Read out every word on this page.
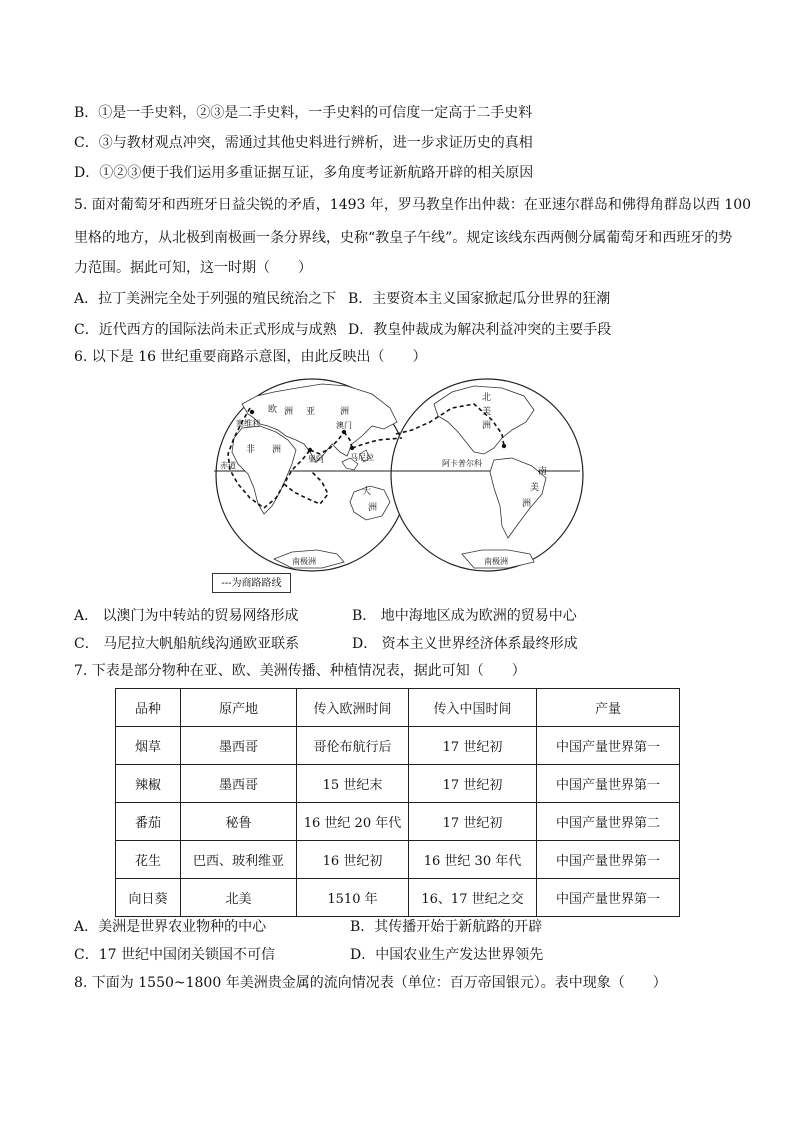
B．①是一手史料，②③是二手史料，一手史料的可信度一定高于二手史料
C．③与教材观点冲突，需通过其他史料进行辨析，进一步求证历史的真相
D．①②③便于我们运用多重证据互证，多角度考证新航路开辟的相关原因
5. 面对葡萄牙和西班牙日益尖锐的矛盾，1493 年，罗马教皇作出仲裁：在亚速尔群岛和佛得角群岛以西 100
里格的地方，从北极到南极画一条分界线，史称“教皇子午线”。规定该线东西两侧分属葡萄牙和西班牙的势
力范围。据此可知，这一时期（　　）
A．拉丁美洲完全处于列强的殖民统治之下 B．主要资本主义国家掀起瓜分世界的狂潮
C．近代西方的国际法尚未正式形成与成熟 D．教皇仲裁成为解决利益冲突的主要手段
6. 以下是 16 世纪重要商路示意图，由此反映出（　　）
欧 洲 亚	洲
塞维利
非 洲
果阿
澳门
马尼拉
赤道
大
洲
南极洲
北
美
洲
阿卡普尔科
南
美
洲
南极洲
---为商路路线
A． 以澳门为中转站的贸易网络形成	B． 地中海地区成为欧洲的贸易中心
C． 马尼拉大帆船航线沟通欧亚联系	D． 资本主义世界经济体系最终形成
7. 下表是部分物种在亚、欧、美洲传播、种植情况表，据此可知（　　）
品种	原产地	传入欧洲时间	传入中国时间	产量
烟草	墨西哥	哥伦布航行后	17 世纪初	中国产量世界第一
辣椒	墨西哥	15 世纪末	17 世纪初	中国产量世界第一
番茄	秘鲁	16 世纪 20 年代	17 世纪初	中国产量世界第二
花生	巴西、玻利维亚	16 世纪初	16 世纪 30 年代	中国产量世界第一
向日葵	北美	1510 年	16、17 世纪之交	中国产量世界第一
A．美洲是世界农业物种的中心	B．其传播开始于新航路的开辟
C．17 世纪中国闭关锁国不可信	D．中国农业生产发达世界领先
8. 下面为 1550~1800 年美洲贵金属的流向情况表（单位：百万帝国银元）。表中现象（　　）
